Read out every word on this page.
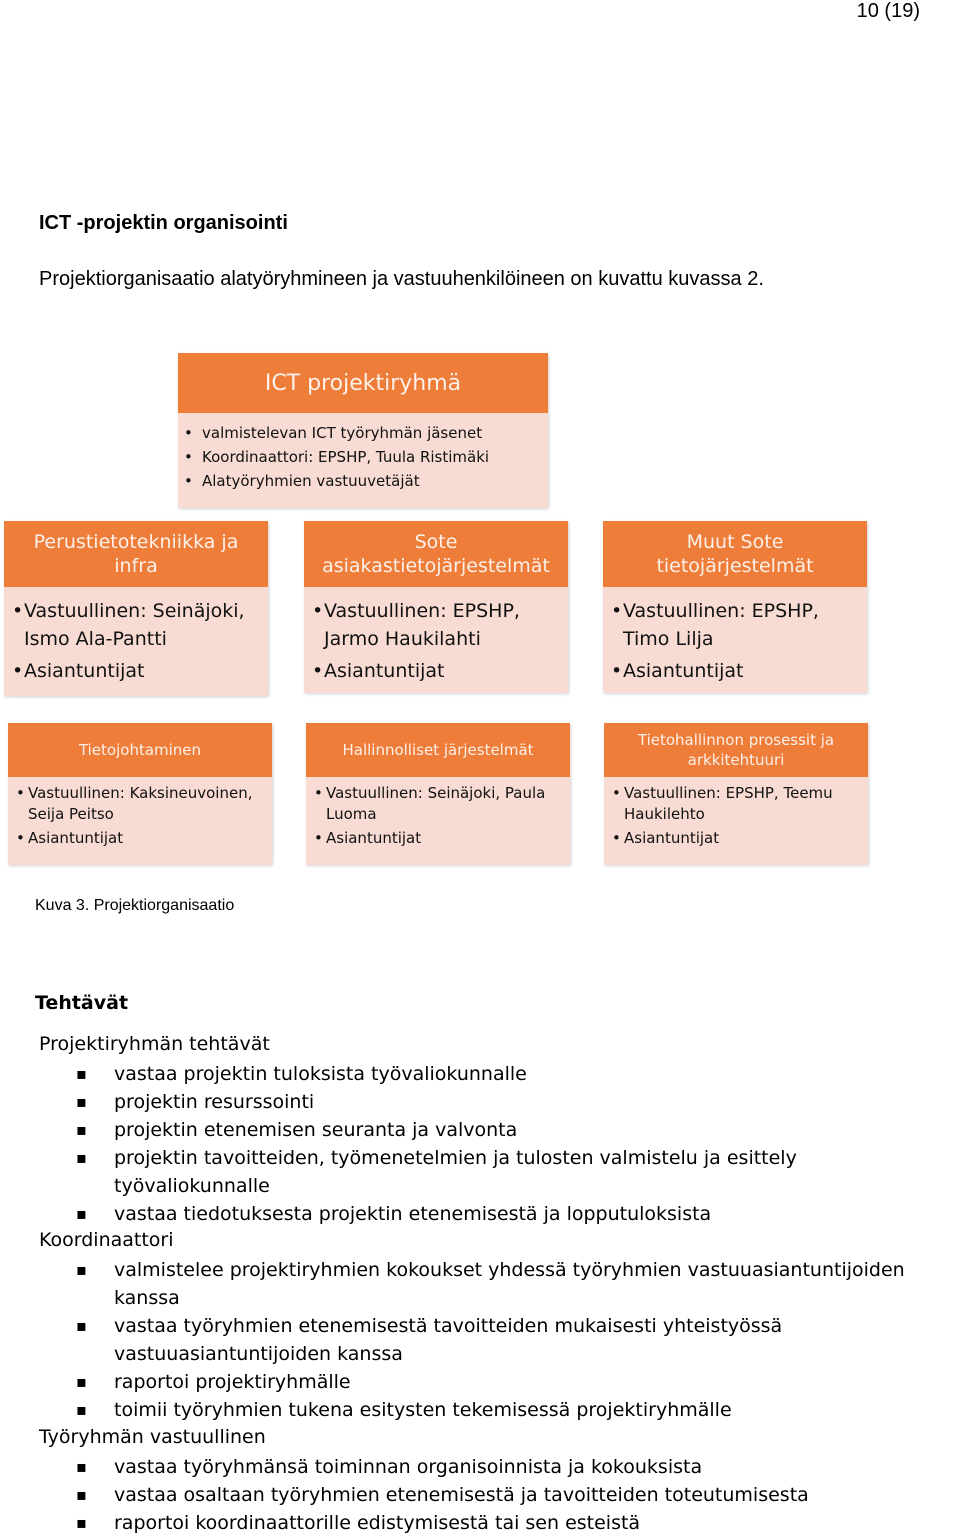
10 (19)
ICT -projektin organisointi
Projektiorganisaatio alatyöryhmineen ja vastuuhenkilöineen on kuvattu kuvassa 2.
ICT projektiryhmä
• valmistelevan ICT työryhmän jäsenet
• Koordinaattori: EPSHP, Tuula Ristimäki
• Alatyöryhmien vastuuvetäjät
Perustietotekniikka ja infra
• Vastuullinen: Seinäjoki, Ismo Ala-Pantti
• Asiantuntijat
Sote asiakastietojärjestelmät
• Vastuullinen: EPSHP, Jarmo Haukilahti
• Asiantuntijat
Muut Sote tietojärjestelmät
• Vastuullinen: EPSHP, Timo Lilja
• Asiantuntijat
Tietojohtaminen
• Vastuullinen: Kaksineuvoinen, Seija Peitso
• Asiantuntijat
Hallinnolliset järjestelmät
• Vastuullinen: Seinäjoki, Paula Luoma
• Asiantuntijat
Tietohallinnon prosessit ja arkkitehtuuri
• Vastuullinen: EPSHP, Teemu Haukilehto
• Asiantuntijat
Kuva 3. Projektiorganisaatio
Tehtävät
Projektiryhmän tehtävät
▪ vastaa projektin tuloksista työvaliokunnalle
▪ projektin resurssointi
▪ projektin etenemisen seuranta ja valvonta
▪ projektin tavoitteiden, työmenetelmien ja tulosten valmistelu ja esittely työvaliokunnalle
▪ vastaa tiedotuksesta projektin etenemisestä ja lopputuloksista
Koordinaattori
▪ valmistelee projektiryhmien kokoukset yhdessä työryhmien vastuuasiantuntijoiden kanssa
▪ vastaa työryhmien etenemisestä tavoitteiden mukaisesti yhteistyössä vastuuasiantuntijoiden kanssa
▪ raportoi projektiryhmälle
▪ toimii työryhmien tukena esitysten tekemisessä projektiryhmälle
Työryhmän vastuullinen
▪ vastaa työryhmänsä toiminnan organisoinnista ja kokouksista
▪ vastaa osaltaan työryhmien etenemisestä ja tavoitteiden toteutumisesta
▪ raportoi koordinaattorille edistymisestä tai sen esteistä
